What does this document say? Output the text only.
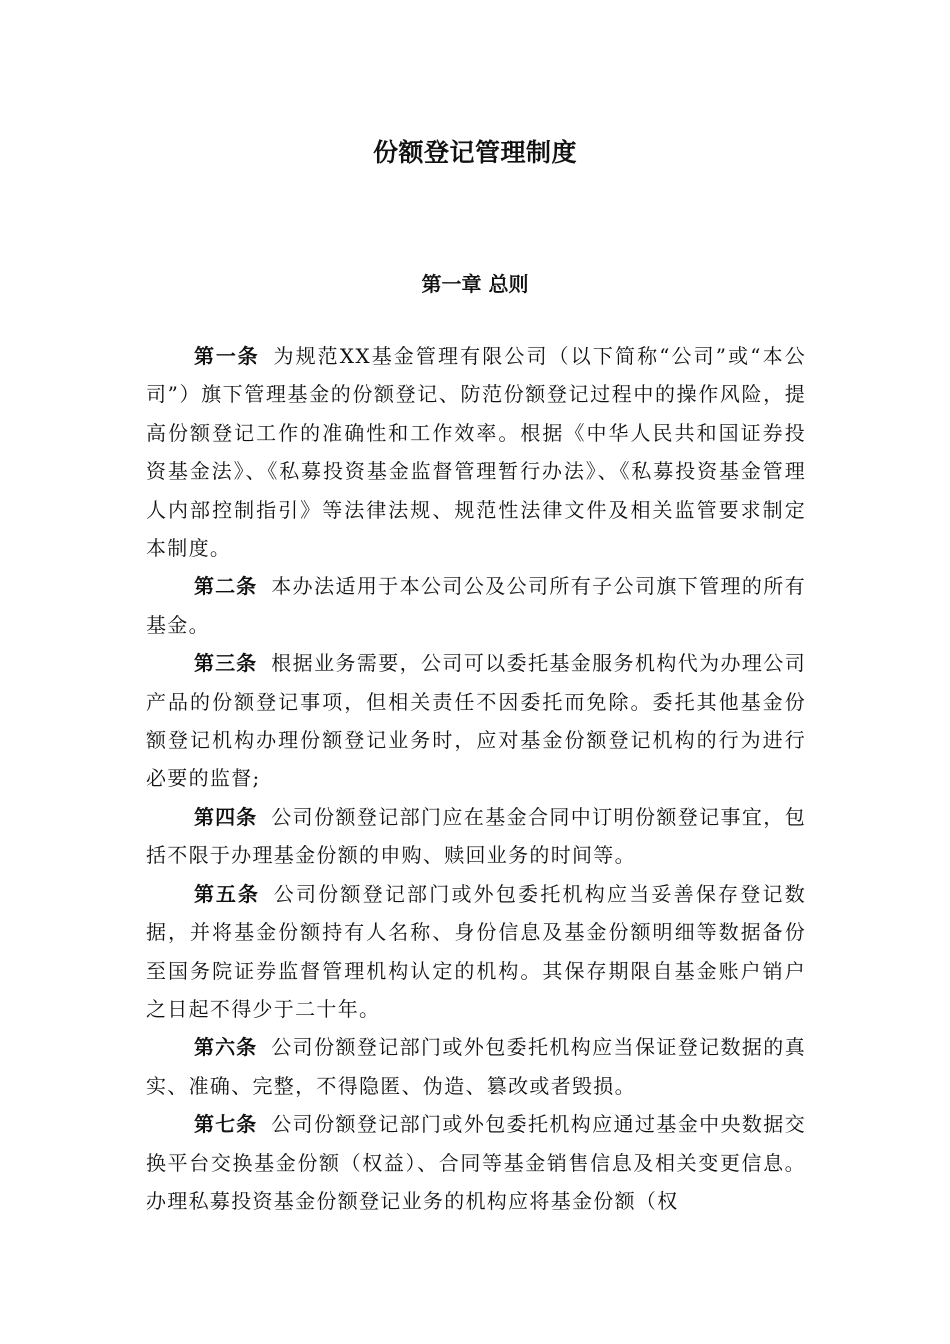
份额登记管理制度
第一章 总则

第一条 为规范XX基金管理有限公司（以下简称“公司”或“本公司”）旗下管理基金的份额登记、防范份额登记过程中的操作风险，提高份额登记工作的准确性和工作效率。根据《中华人民共和国证券投资基金法》、《私募投资基金监督管理暂行办法》、《私募投资基金管理人内部控制指引》等法律法规、规范性法律文件及相关监管要求制定本制度。

第二条 本办法适用于本公司公及公司所有子公司旗下管理的所有基金。

第三条 根据业务需要，公司可以委托基金服务机构代为办理公司产品的份额登记事项，但相关责任不因委托而免除。委托其他基金份额登记机构办理份额登记业务时，应对基金份额登记机构的行为进行必要的监督;

第四条 公司份额登记部门应在基金合同中订明份额登记事宜，包括不限于办理基金份额的申购、赎回业务的时间等。

第五条 公司份额登记部门或外包委托机构应当妥善保存登记数据，并将基金份额持有人名称、身份信息及基金份额明细等数据备份至国务院证券监督管理机构认定的机构。其保存期限自基金账户销户之日起不得少于二十年。

第六条 公司份额登记部门或外包委托机构应当保证登记数据的真实、准确、完整，不得隐匿、伪造、篡改或者毁损。

第七条 公司份额登记部门或外包委托机构应通过基金中央数据交换平台交换基金份额（权益）、合同等基金销售信息及相关变更信息。办理私募投资基金份额登记业务的机构应将基金份额（权
